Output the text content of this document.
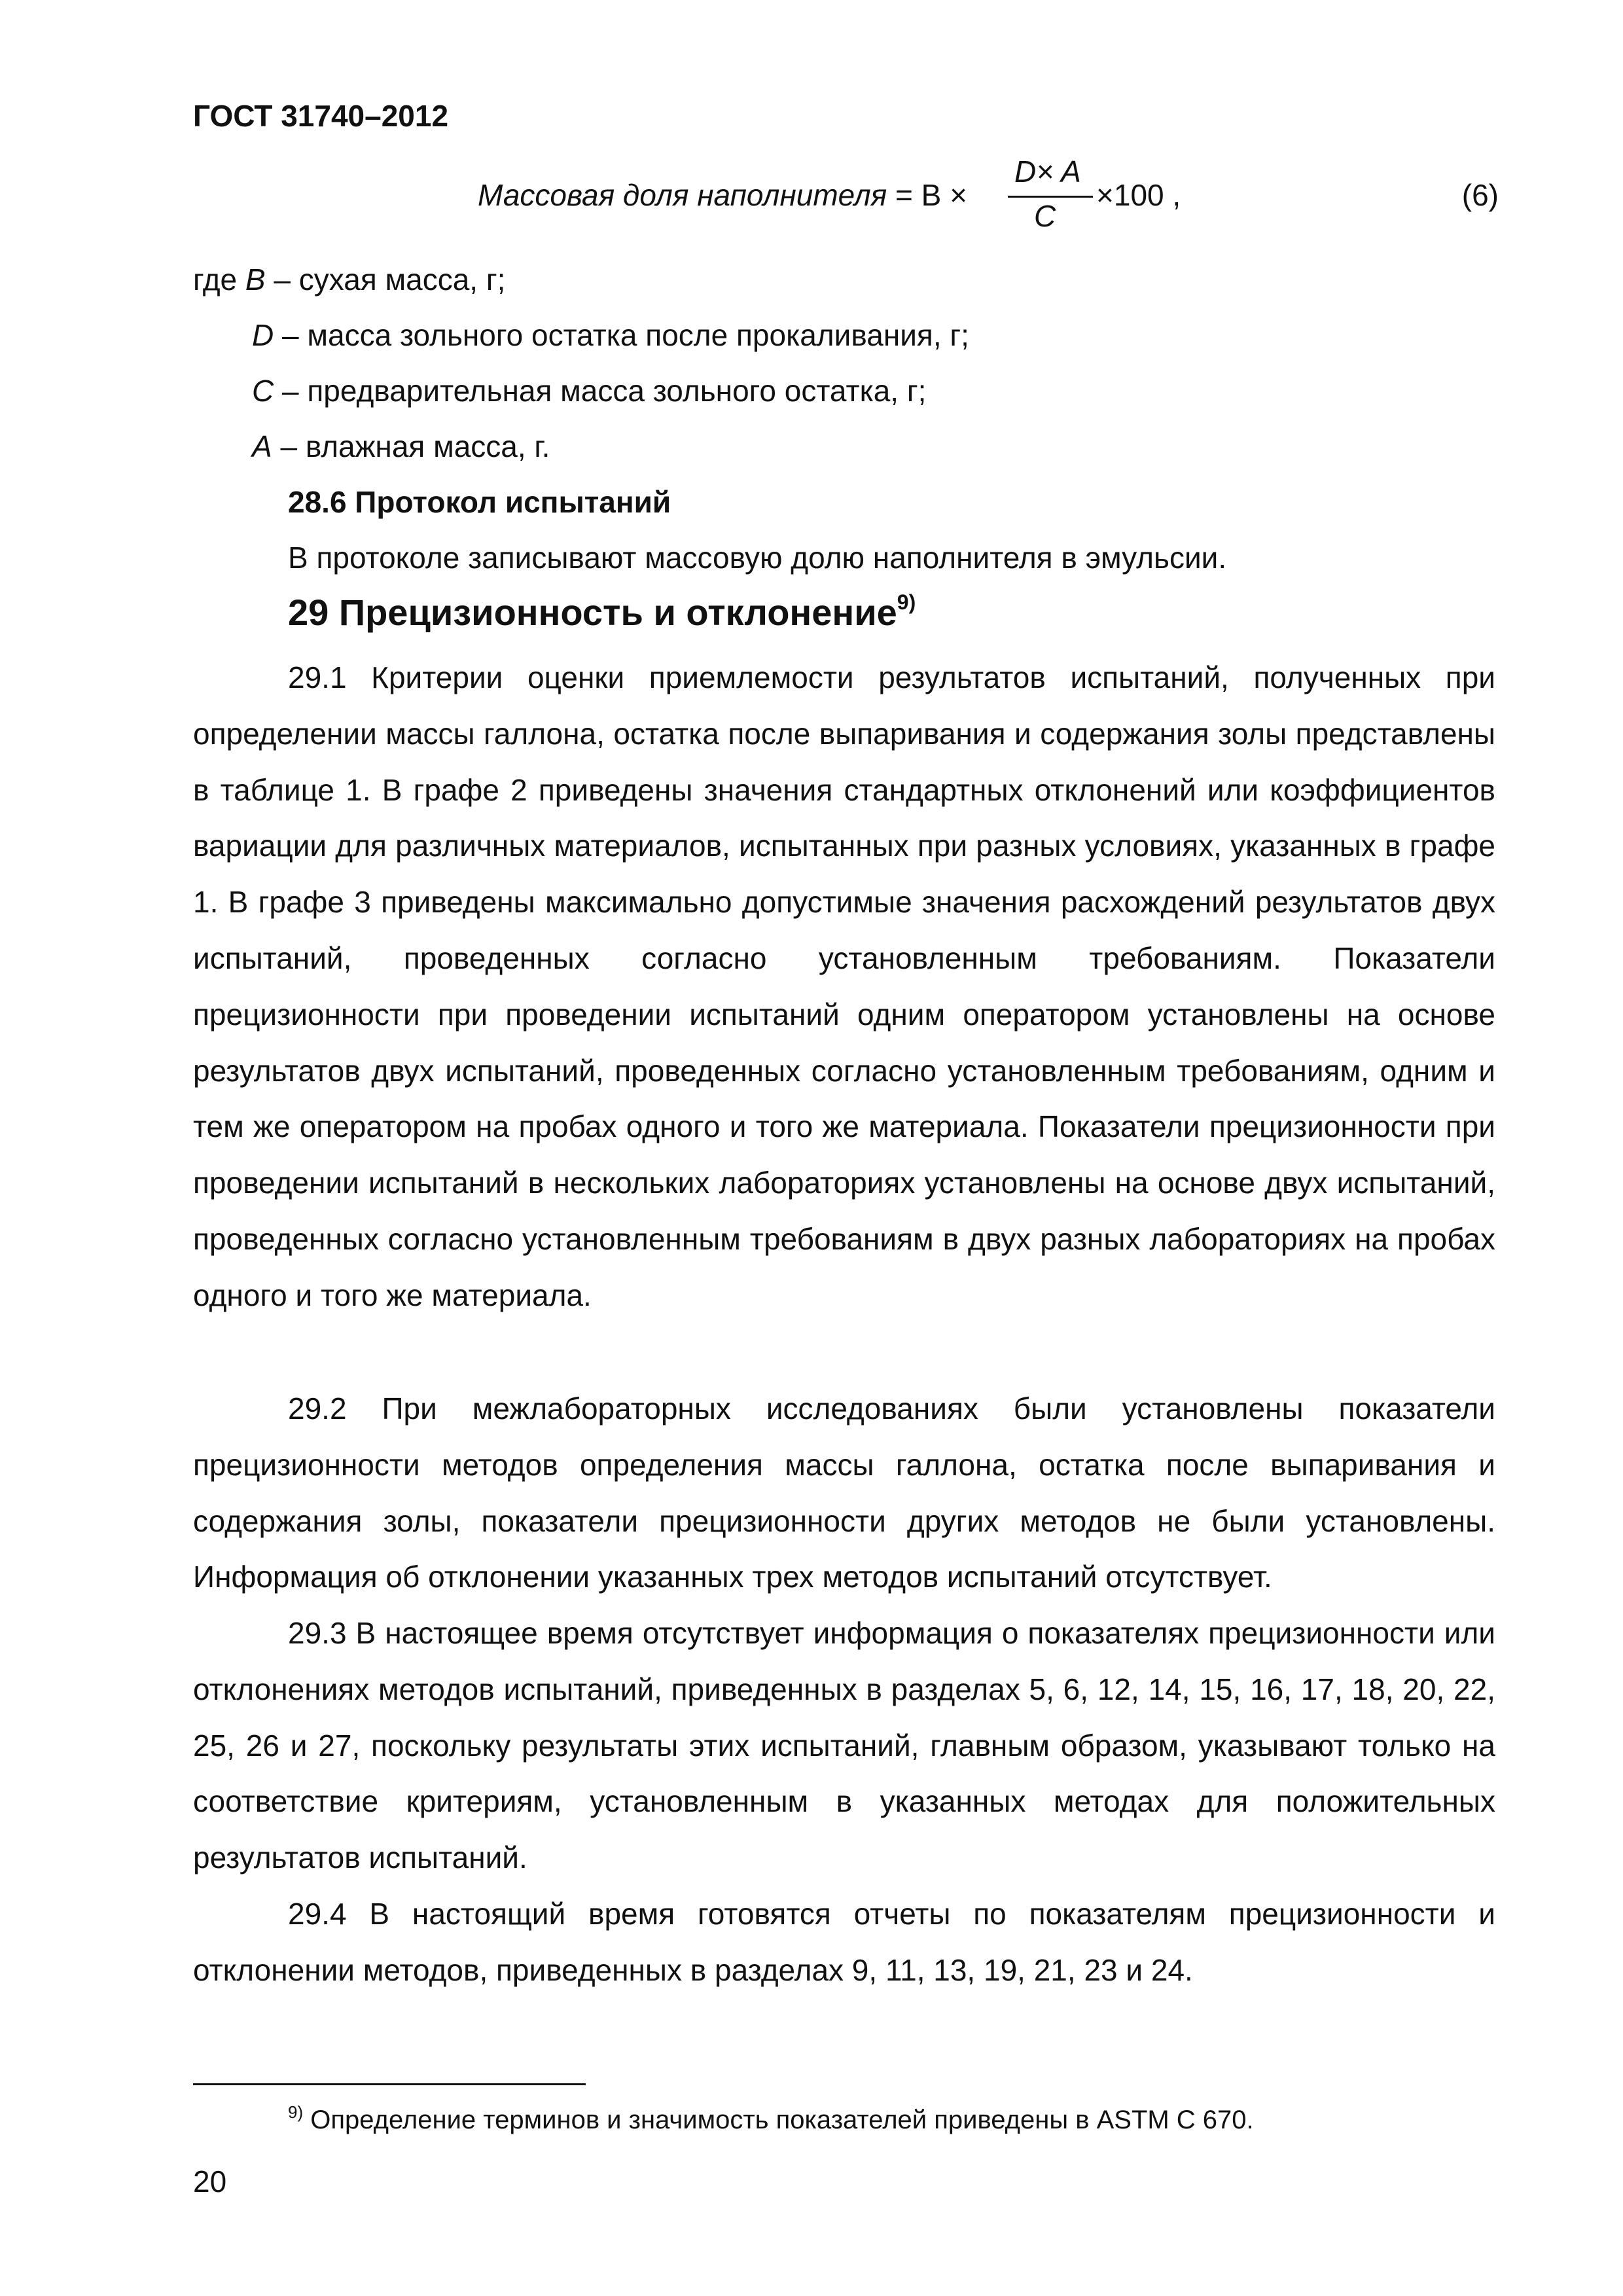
ГОСТ 31740–2012
Массовая доля наполнителя = B ×
D× A
C
×100 ,	(6)
где B – сухая масса, г;
D – масса зольного остатка после прокаливания, г;
C – предварительная масса зольного остатка, г;
A – влажная масса, г.
28.6 Протокол испытаний
В протоколе записывают массовую долю наполнителя в эмульсии.
29 Прецизионность и отклонение$^{9)}$
29.1 Критерии оценки приемлемости результатов испытаний, полученных при определении массы галлона, остатка после выпаривания и содержания золы представлены в таблице 1. В графе 2 приведены значения стандартных отклонений или коэффициентов вариации для различных материалов, испытанных при разных условиях, указанных в графе 1. В графе 3 приведены максимально допустимые значения расхождений результатов двух испытаний, проведенных согласно установленным требованиям. Показатели прецизионности при проведении испытаний одним оператором установлены на основе результатов двух испытаний, проведенных согласно установленным требованиям, одним и тем же оператором на пробах одного и того же материала. Показатели прецизионности при проведении испытаний в нескольких лабораториях установлены на основе двух испытаний, проведенных согласно установленным требованиям в двух разных лабораториях на пробах одного и того же материала.
29.2 При межлабораторных исследованиях были установлены показатели прецизионности методов определения массы галлона, остатка после выпаривания и содержания золы, показатели прецизионности других методов не были установлены. Информация об отклонении указанных трех методов испытаний отсутствует.
29.3 В настоящее время отсутствует информация о показателях прецизионности или отклонениях методов испытаний, приведенных в разделах 5, 6, 12, 14, 15, 16, 17, 18, 20, 22, 25, 26 и 27, поскольку результаты этих испытаний, главным образом, указывают только на соответствие критериям, установленным в указанных методах для положительных результатов испытаний.
29.4 В настоящий время готовятся отчеты по показателям прецизионности и отклонении методов, приведенных в разделах 9, 11, 13, 19, 21, 23 и 24.
$^{9)}$ Определение терминов и значимость показателей приведены в ASTM C 670.
20
